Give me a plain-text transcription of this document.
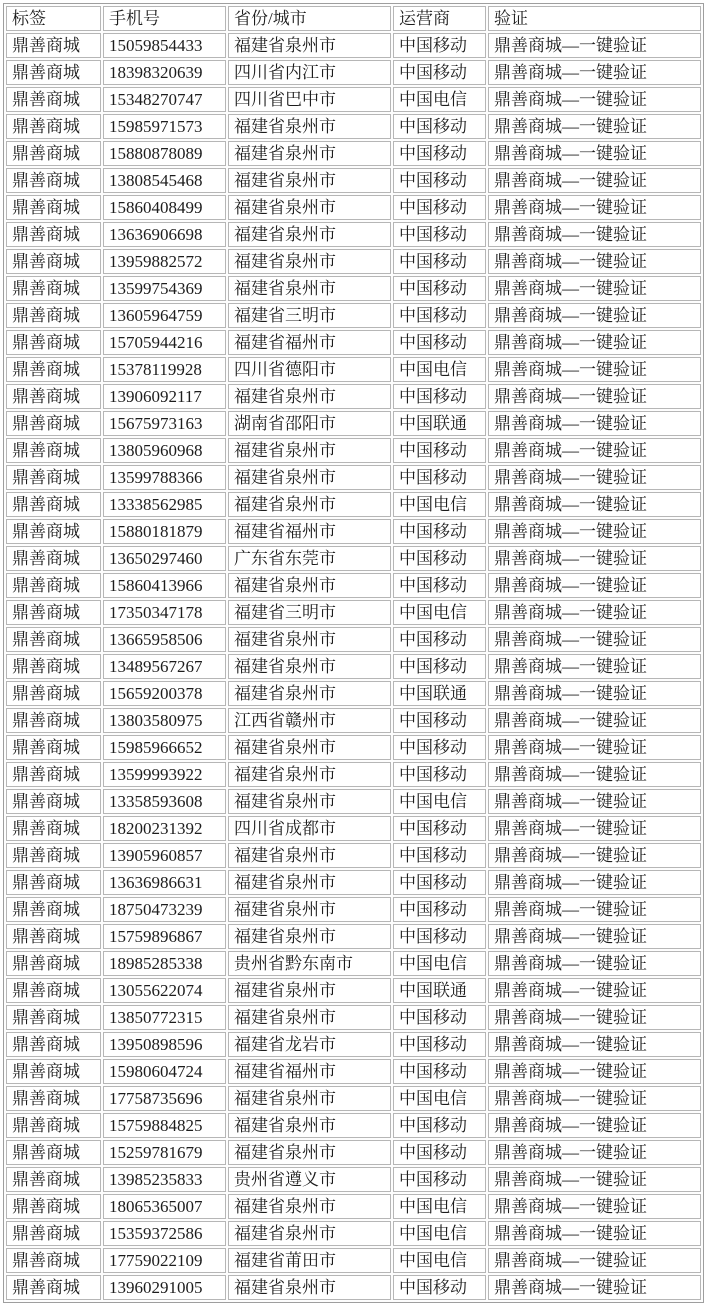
标签	手机号	省份/城市	运营商	验证
鼎善商城	15059854433	福建省泉州市	中国移动	鼎善商城—一键验证
鼎善商城	18398320639	四川省内江市	中国移动	鼎善商城—一键验证
鼎善商城	15348270747	四川省巴中市	中国电信	鼎善商城—一键验证
鼎善商城	15985971573	福建省泉州市	中国移动	鼎善商城—一键验证
鼎善商城	15880878089	福建省泉州市	中国移动	鼎善商城—一键验证
鼎善商城	13808545468	福建省泉州市	中国移动	鼎善商城—一键验证
鼎善商城	15860408499	福建省泉州市	中国移动	鼎善商城—一键验证
鼎善商城	13636906698	福建省泉州市	中国移动	鼎善商城—一键验证
鼎善商城	13959882572	福建省泉州市	中国移动	鼎善商城—一键验证
鼎善商城	13599754369	福建省泉州市	中国移动	鼎善商城—一键验证
鼎善商城	13605964759	福建省三明市	中国移动	鼎善商城—一键验证
鼎善商城	15705944216	福建省福州市	中国移动	鼎善商城—一键验证
鼎善商城	15378119928	四川省德阳市	中国电信	鼎善商城—一键验证
鼎善商城	13906092117	福建省泉州市	中国移动	鼎善商城—一键验证
鼎善商城	15675973163	湖南省邵阳市	中国联通	鼎善商城—一键验证
鼎善商城	13805960968	福建省泉州市	中国移动	鼎善商城—一键验证
鼎善商城	13599788366	福建省泉州市	中国移动	鼎善商城—一键验证
鼎善商城	13338562985	福建省泉州市	中国电信	鼎善商城—一键验证
鼎善商城	15880181879	福建省福州市	中国移动	鼎善商城—一键验证
鼎善商城	13650297460	广东省东莞市	中国移动	鼎善商城—一键验证
鼎善商城	15860413966	福建省泉州市	中国移动	鼎善商城—一键验证
鼎善商城	17350347178	福建省三明市	中国电信	鼎善商城—一键验证
鼎善商城	13665958506	福建省泉州市	中国移动	鼎善商城—一键验证
鼎善商城	13489567267	福建省泉州市	中国移动	鼎善商城—一键验证
鼎善商城	15659200378	福建省泉州市	中国联通	鼎善商城—一键验证
鼎善商城	13803580975	江西省赣州市	中国移动	鼎善商城—一键验证
鼎善商城	15985966652	福建省泉州市	中国移动	鼎善商城—一键验证
鼎善商城	13599993922	福建省泉州市	中国移动	鼎善商城—一键验证
鼎善商城	13358593608	福建省泉州市	中国电信	鼎善商城—一键验证
鼎善商城	18200231392	四川省成都市	中国移动	鼎善商城—一键验证
鼎善商城	13905960857	福建省泉州市	中国移动	鼎善商城—一键验证
鼎善商城	13636986631	福建省泉州市	中国移动	鼎善商城—一键验证
鼎善商城	18750473239	福建省泉州市	中国移动	鼎善商城—一键验证
鼎善商城	15759896867	福建省泉州市	中国移动	鼎善商城—一键验证
鼎善商城	18985285338	贵州省黔东南市	中国电信	鼎善商城—一键验证
鼎善商城	13055622074	福建省泉州市	中国联通	鼎善商城—一键验证
鼎善商城	13850772315	福建省泉州市	中国移动	鼎善商城—一键验证
鼎善商城	13950898596	福建省龙岩市	中国移动	鼎善商城—一键验证
鼎善商城	15980604724	福建省福州市	中国移动	鼎善商城—一键验证
鼎善商城	17758735696	福建省泉州市	中国电信	鼎善商城—一键验证
鼎善商城	15759884825	福建省泉州市	中国移动	鼎善商城—一键验证
鼎善商城	15259781679	福建省泉州市	中国移动	鼎善商城—一键验证
鼎善商城	13985235833	贵州省遵义市	中国移动	鼎善商城—一键验证
鼎善商城	18065365007	福建省泉州市	中国电信	鼎善商城—一键验证
鼎善商城	15359372586	福建省泉州市	中国电信	鼎善商城—一键验证
鼎善商城	17759022109	福建省莆田市	中国电信	鼎善商城—一键验证
鼎善商城	13960291005	福建省泉州市	中国移动	鼎善商城—一键验证
